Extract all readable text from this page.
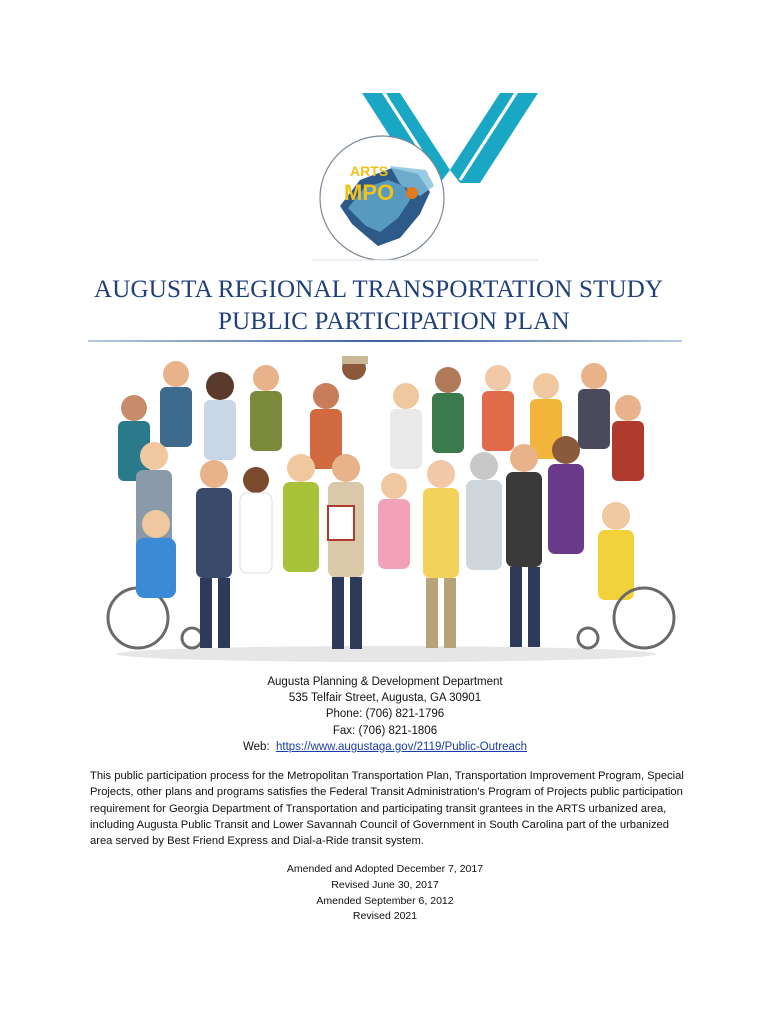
ARTS
MPO
AUGUSTA REGIONAL TRANSPORTATION STUDY
PUBLIC PARTICIPATION PLAN
Augusta Planning & Development Department
535 Telfair Street, Augusta, GA 30901
Phone: (706) 821-1796
Fax: (706) 821-1806
Web: https://www.augustaga.gov/2119/Public-Outreach
This public participation process for the Metropolitan Transportation Plan, Transportation Improvement Program, Special Projects, other plans and programs satisfies the Federal Transit Administration's Program of Projects public participation requirement for Georgia Department of Transportation and participating transit grantees in the ARTS urbanized area, including Augusta Public Transit and Lower Savannah Council of Government in South Carolina part of the urbanized area served by Best Friend Express and Dial-a-Ride transit system.
Amended and Adopted December 7, 2017
Revised June 30, 2017
Amended September 6, 2012
Revised 2021
